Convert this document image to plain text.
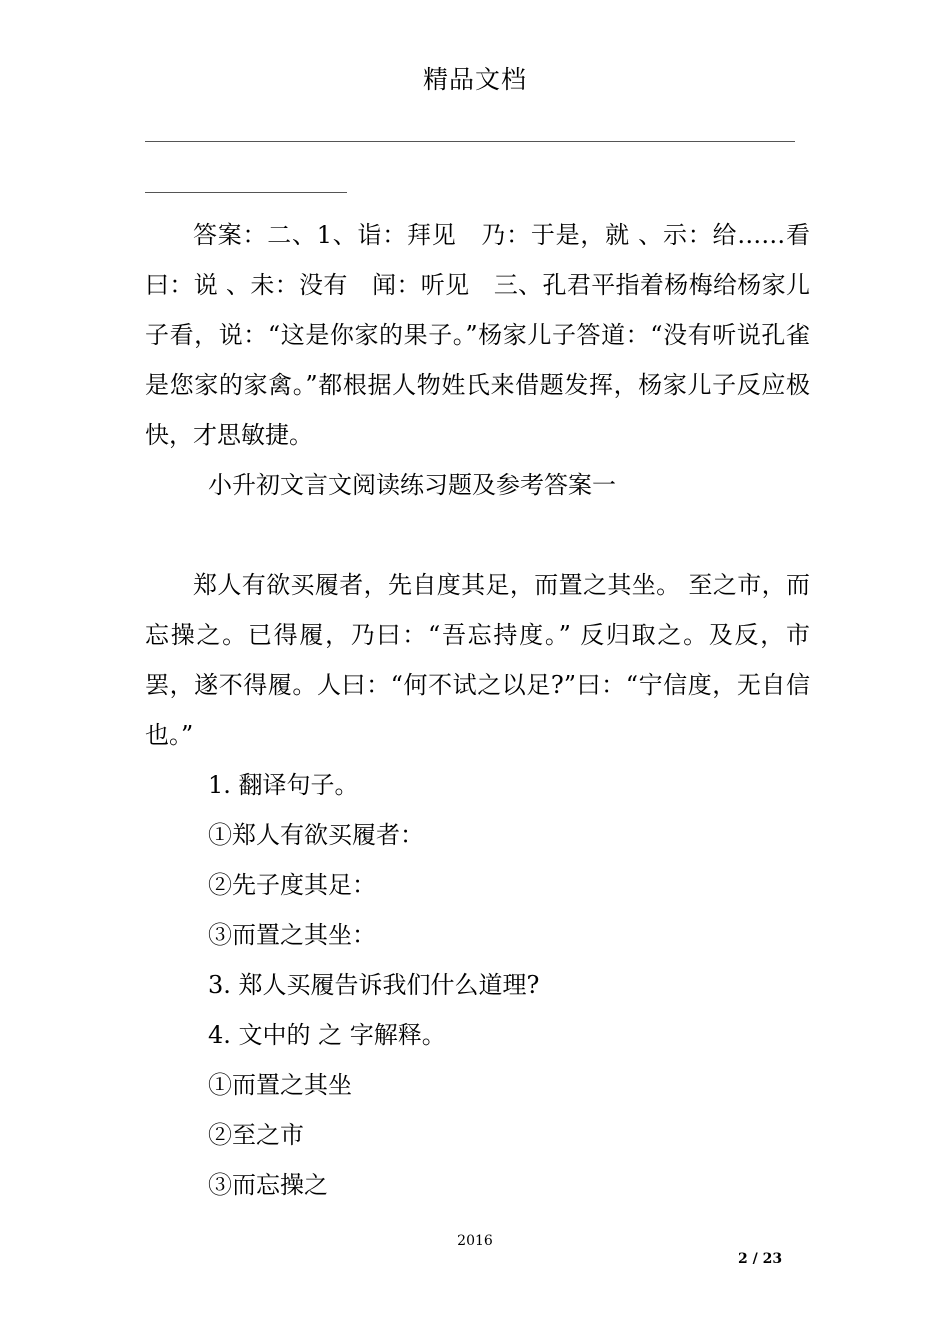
精品文档

答案：二、1、诣：拜见　乃：于是，就 、示：给……看　曰：说 、未：没有　闻：听见　三、孔君平指着杨梅给杨家儿子看，说：“这是你家的果子。”杨家儿子答道：“没有听说孔雀是您家的家禽。”都根据人物姓氏来借题发挥，杨家儿子反应极快，才思敏捷。

小升初文言文阅读练习题及参考答案一

郑人有欲买履者，先自度其足，而置之其坐。 至之市，而忘操之。已得履，乃曰：“吾忘持度。” 反归取之。及反，市罢，遂不得履。人曰：“何不试之以足?”曰：“宁信度，无自信也。”

1. 翻译句子。

①郑人有欲买履者：

②先子度其足：

③而置之其坐：

3. 郑人买履告诉我们什么道理?

4. 文中的 之 字解释。

①而置之其坐

②至之市

③而忘操之

2016
2 / 23
